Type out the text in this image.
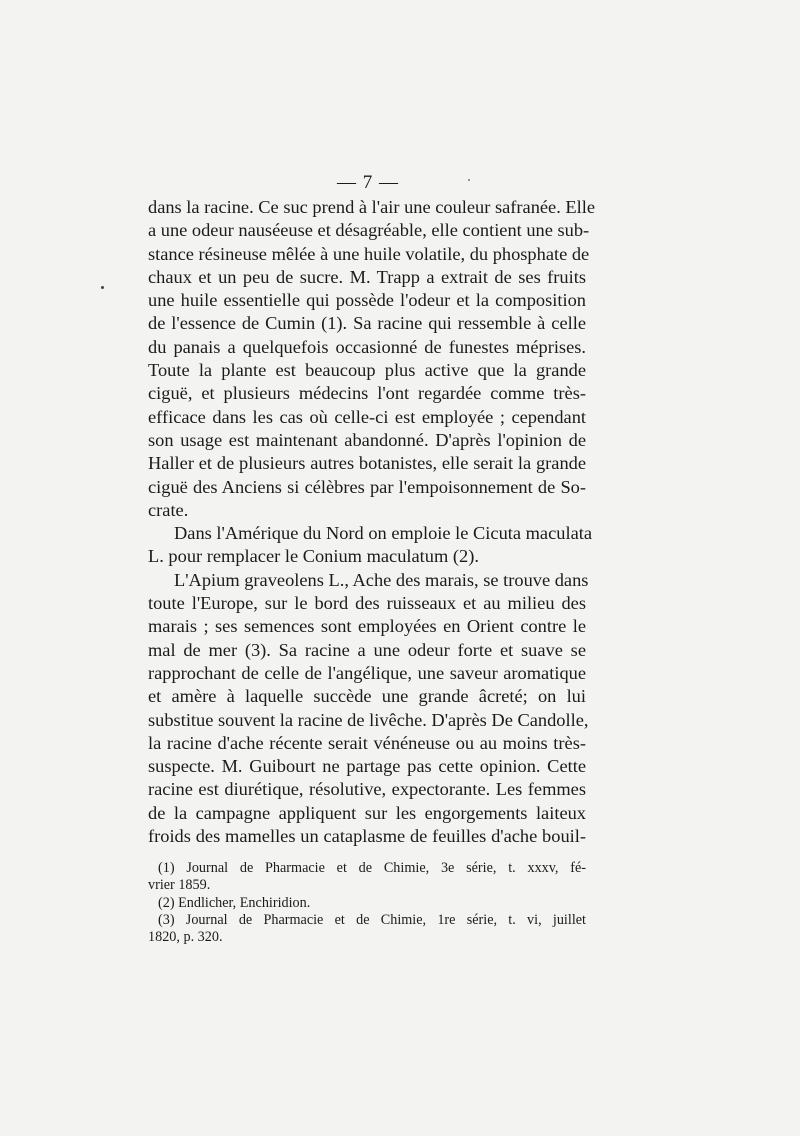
— 7 —
dans la racine. Ce suc prend à l'air une couleur safranée. Elle
a une odeur nauséeuse et désagréable, elle contient une sub-
stance résineuse mêlée à une huile volatile, du phosphate de
chaux et un peu de sucre. M. Trapp a extrait de ses fruits
une huile essentielle qui possède l'odeur et la composition
de l'essence de Cumin (1). Sa racine qui ressemble à celle
du panais a quelquefois occasionné de funestes méprises.
Toute la plante est beaucoup plus active que la grande
ciguë, et plusieurs médecins l'ont regardée comme très-
efficace dans les cas où celle-ci est employée ; cependant
son usage est maintenant abandonné. D'après l'opinion de
Haller et de plusieurs autres botanistes, elle serait la grande
ciguë des Anciens si célèbres par l'empoisonnement de So-
crate.
Dans l'Amérique du Nord on emploie le Cicuta maculata
L. pour remplacer le Conium maculatum (2).
L'Apium graveolens L., Ache des marais, se trouve dans
toute l'Europe, sur le bord des ruisseaux et au milieu des
marais ; ses semences sont employées en Orient contre le
mal de mer (3). Sa racine a une odeur forte et suave se
rapprochant de celle de l'angélique, une saveur aromatique
et amère à laquelle succède une grande âcreté; on lui
substitue souvent la racine de livêche. D'après De Candolle,
la racine d'ache récente serait vénéneuse ou au moins très-
suspecte. M. Guibourt ne partage pas cette opinion. Cette
racine est diurétique, résolutive, expectorante. Les femmes
de la campagne appliquent sur les engorgements laiteux
froids des mamelles un cataplasme de feuilles d'ache bouil-
(1) Journal de Pharmacie et de Chimie, 3e série, t. xxxv, fé-
vrier 1859.
(2) Endlicher, Enchiridion.
(3) Journal de Pharmacie et de Chimie, 1re série, t. vi, juillet
1820, p. 320.
